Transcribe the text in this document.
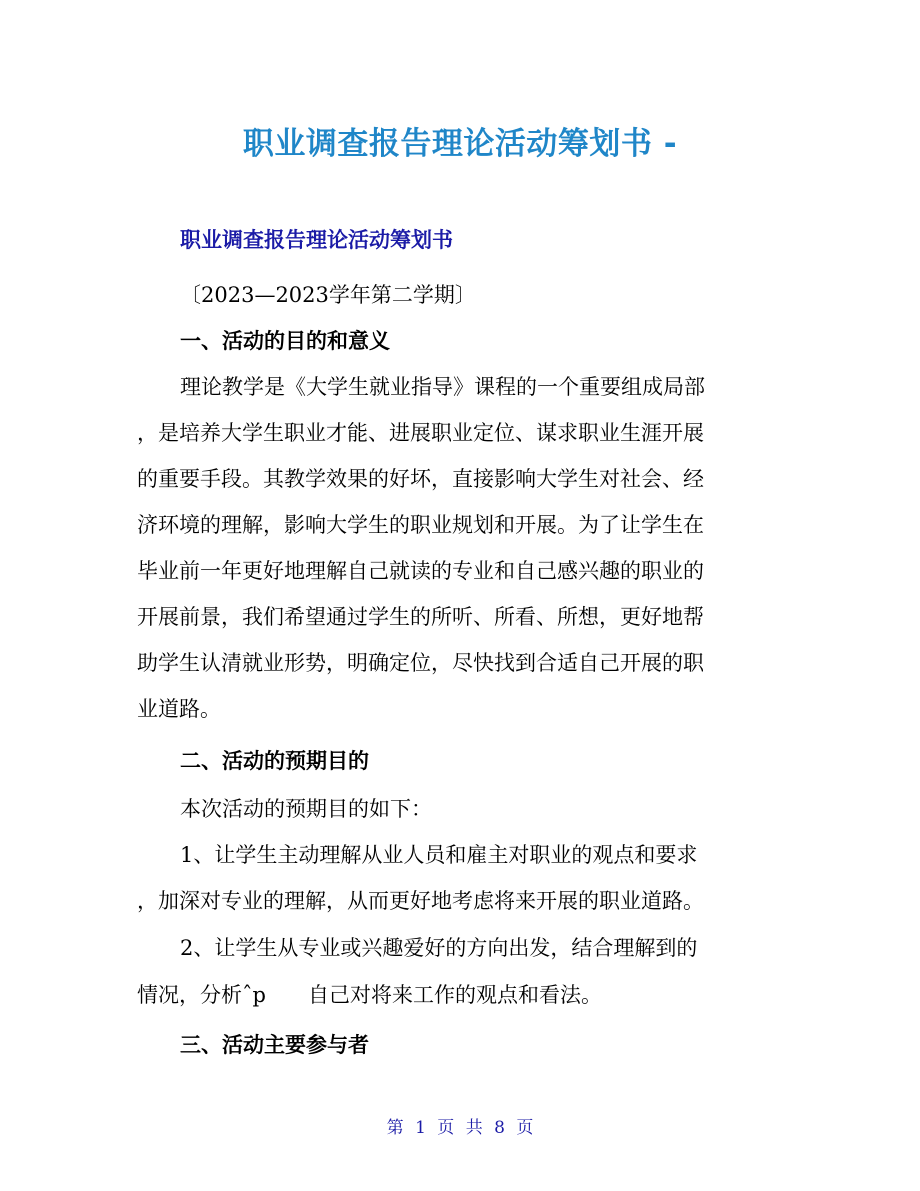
职业调查报告理论活动筹划书 -
职业调查报告理论活动筹划书
〔2023—2023学年第二学期〕
一、活动的目的和意义
理论教学是《大学生就业指导》课程的一个重要组成局部
，是培养大学生职业才能、进展职业定位、谋求职业生涯开展
的重要手段。其教学效果的好坏，直接影响大学生对社会、经
济环境的理解，影响大学生的职业规划和开展。为了让学生在
毕业前一年更好地理解自己就读的专业和自己感兴趣的职业的
开展前景，我们希望通过学生的所听、所看、所想，更好地帮
助学生认清就业形势，明确定位，尽快找到合适自己开展的职
业道路。
二、活动的预期目的
本次活动的预期目的如下：
1、让学生主动理解从业人员和雇主对职业的观点和要求
，加深对专业的理解，从而更好地考虑将来开展的职业道路。
2、让学生从专业或兴趣爱好的方向出发，结合理解到的
情况，分析ˆp　　自己对将来工作的观点和看法。
三、活动主要参与者
第 1 页 共 8 页
